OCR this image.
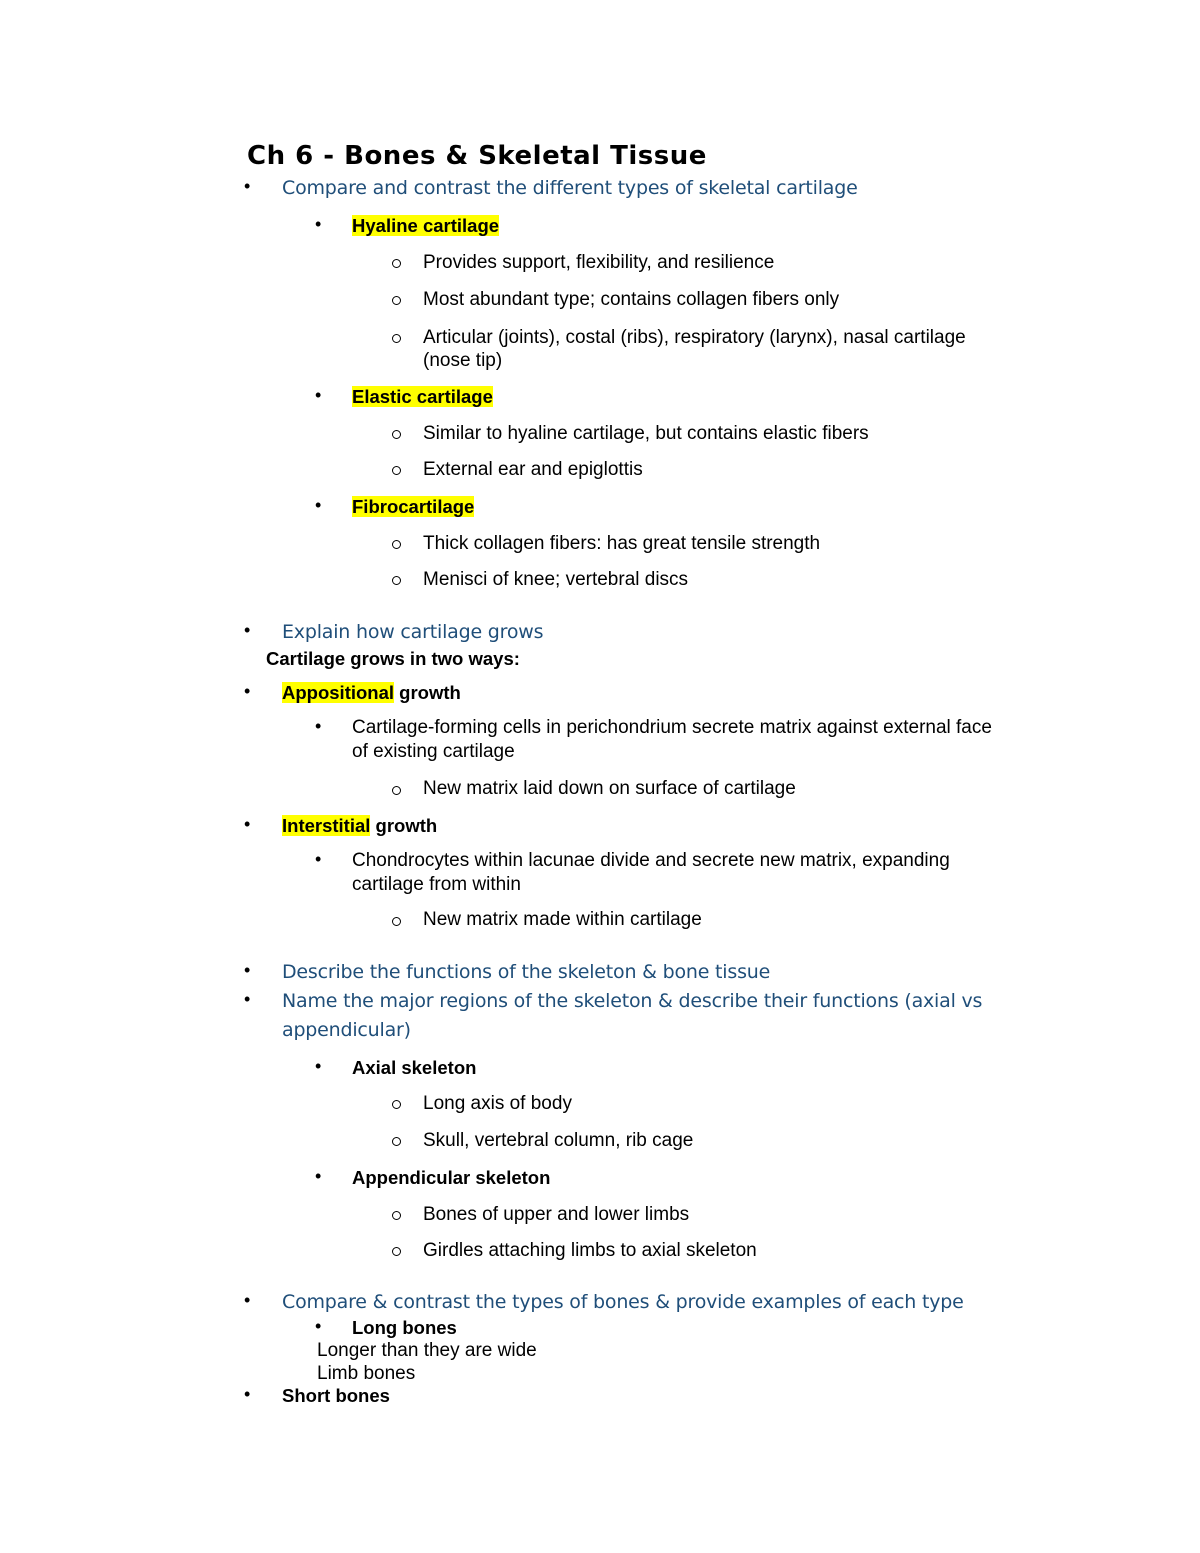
Ch 6 - Bones & Skeletal Tissue
• Compare and contrast the different types of skeletal cartilage
• Hyaline cartilage
Provides support, flexibility, and resilience
Most abundant type; contains collagen fibers only
Articular (joints), costal (ribs), respiratory (larynx), nasal cartilage
(nose tip)
• Elastic cartilage
Similar to hyaline cartilage, but contains elastic fibers
External ear and epiglottis
• Fibrocartilage
Thick collagen fibers: has great tensile strength
Menisci of knee; vertebral discs
• Explain how cartilage grows
Cartilage grows in two ways:
• Appositional growth
• Cartilage-forming cells in perichondrium secrete matrix against external face
of existing cartilage
New matrix laid down on surface of cartilage
• Interstitial growth
• Chondrocytes within lacunae divide and secrete new matrix, expanding
cartilage from within
New matrix made within cartilage
• Describe the functions of the skeleton & bone tissue
• Name the major regions of the skeleton & describe their functions (axial vs
appendicular)
• Axial skeleton
Long axis of body
Skull, vertebral column, rib cage
• Appendicular skeleton
Bones of upper and lower limbs
Girdles attaching limbs to axial skeleton
• Compare & contrast the types of bones & provide examples of each type
• Long bones
Longer than they are wide
Limb bones
• Short bones
